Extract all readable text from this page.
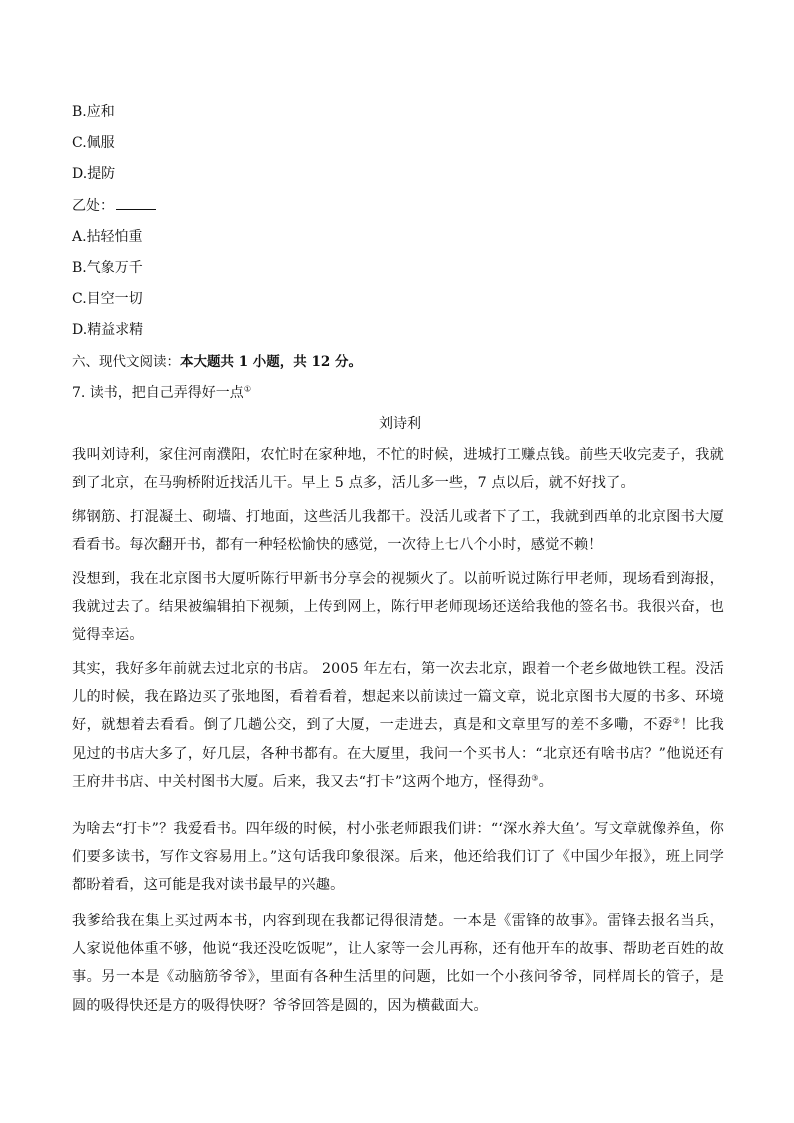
B.应和
C.佩服
D.提防
乙处：
A.拈轻怕重
B.气象万千
C.目空一切
D.精益求精
六、现代文阅读：本大题共 1 小题，共 12 分。
7. 读书，把自己弄得好一点①
刘诗利
我叫刘诗利，家住河南濮阳，农忙时在家种地，不忙的时候，进城打工赚点钱。前些天收完麦子，我就到了北京，在马驹桥附近找活儿干。早上 5 点多，活儿多一些，7 点以后，就不好找了。
绑钢筋、打混凝土、砌墙、打地面，这些活儿我都干。没活儿或者下了工，我就到西单的北京图书大厦看看书。每次翻开书，都有一种轻松愉快的感觉，一次待上七八个小时，感觉不赖！
没想到，我在北京图书大厦听陈行甲新书分享会的视频火了。以前听说过陈行甲老师，现场看到海报，我就过去了。结果被编辑拍下视频，上传到网上，陈行甲老师现场还送给我他的签名书。我很兴奋，也觉得幸运。
其实，我好多年前就去过北京的书店。 2005 年左右，第一次去北京，跟着一个老乡做地铁工程。没活儿的时候，我在路边买了张地图，看着看着，想起来以前读过一篇文章，说北京图书大厦的书多、环境好，就想着去看看。倒了几趟公交，到了大厦，一走进去，真是和文章里写的差不多嘞，不孬②！比我见过的书店大多了，好几层，各种书都有。在大厦里，我问一个买书人：“北京还有啥书店？”他说还有王府井书店、中关村图书大厦。后来，我又去“打卡”这两个地方，怪得劲③。
为啥去“打卡”？我爱看书。四年级的时候，村小张老师跟我们讲：“‘深水养大鱼’。写文章就像养鱼，你们要多读书，写作文容易用上。”这句话我印象很深。后来，他还给我们订了《中国少年报》，班上同学都盼着看，这可能是我对读书最早的兴趣。
我爹给我在集上买过两本书，内容到现在我都记得很清楚。一本是《雷锋的故事》。雷锋去报名当兵，人家说他体重不够，他说“我还没吃饭呢”，让人家等一会儿再称，还有他开车的故事、帮助老百姓的故事。另一本是《动脑筋爷爷》，里面有各种生活里的问题，比如一个小孩问爷爷，同样周长的管子，是圆的吸得快还是方的吸得快呀？爷爷回答是圆的，因为横截面大。
